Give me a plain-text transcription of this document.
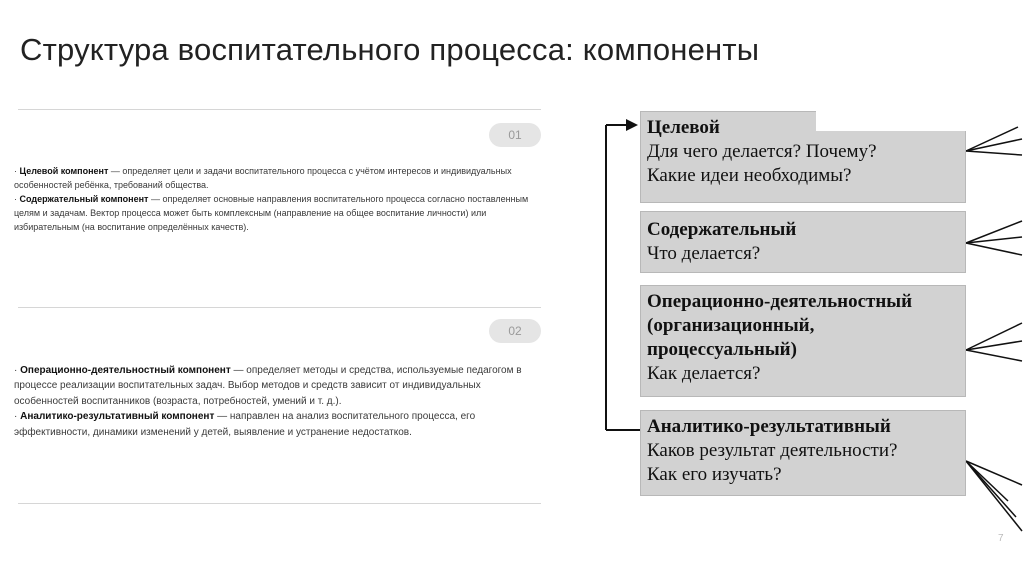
Структура воспитательного процесса: компоненты
01

· Целевой компонент — определяет цели и задачи воспитательного процесса с учётом интересов и индивидуальных особенностей ребёнка, требований общества.

· Содержательный компонент — определяет основные направления воспитательного процесса согласно поставленным целям и задачам. Вектор процесса может быть комплексным (направление на общее воспитание личности) или избирательным (на воспитание определённых качеств).

02

· Операционно-деятельностный компонент — определяет методы и средства, используемые педагогом в процессе реализации воспитательных задач. Выбор методов и средств зависит от индивидуальных особенностей воспитанников (возраста, потребностей, умений и т. д.).

· Аналитико-результативный компонент — направлен на анализ воспитательного процесса, его эффективности, динамики изменений у детей, выявление и устранение недостатков.

Целевой
Для чего делается? Почему?
Какие идеи необходимы?
Содержательный
Что делается?
Операционно-деятельностный
(организационный,
процессуальный)
Как делается?
Аналитико-результативный
Каков результат деятельности?
Как его изучать?
7
